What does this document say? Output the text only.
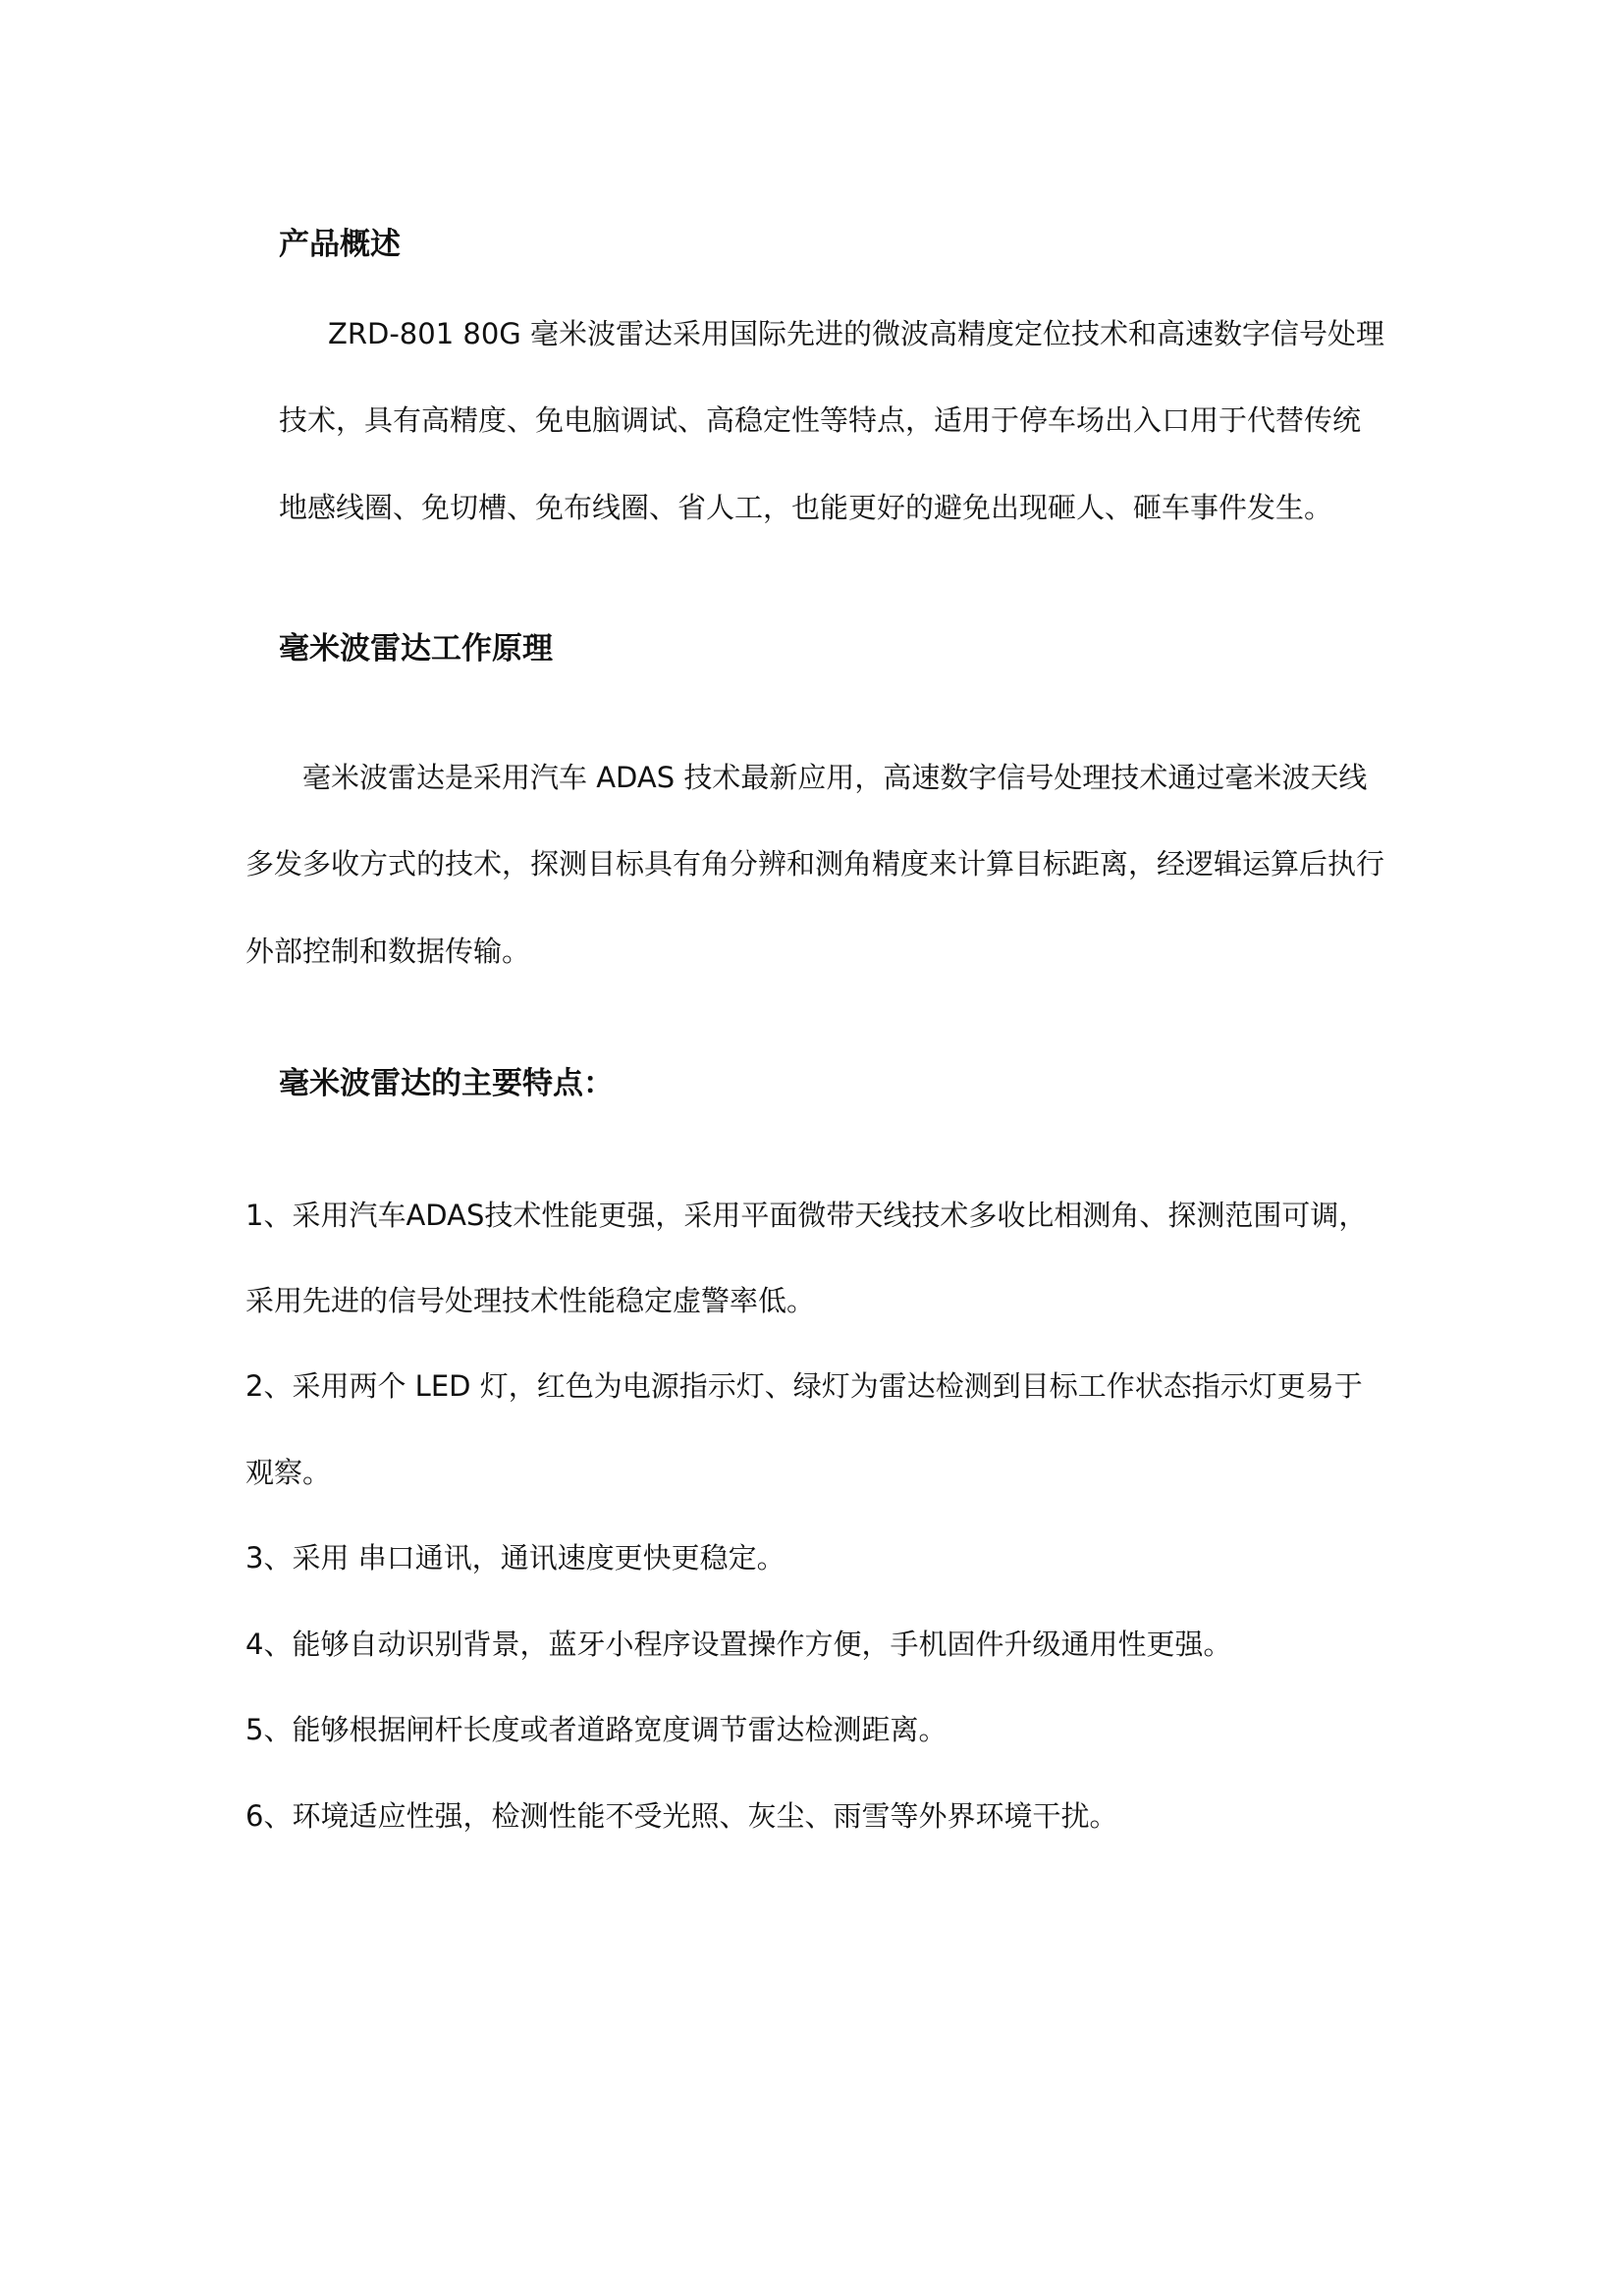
产品概述
ZRD-801 80G 毫米波雷达采用国际先进的微波高精度定位技术和高速数字信号处理
技术，具有高精度、免电脑调试、高稳定性等特点，适用于停车场出入口用于代替传统
地感线圈、免切槽、免布线圈、省人工，也能更好的避免出现砸人、砸车事件发生。
毫米波雷达工作原理
毫米波雷达是采用汽车 ADAS 技术最新应用，高速数字信号处理技术通过毫米波天线
多发多收方式的技术，探测目标具有角分辨和测角精度来计算目标距离，经逻辑运算后执行
外部控制和数据传输。
毫米波雷达的主要特点：
1、采用汽车ADAS技术性能更强，采用平面微带天线技术多收比相测角、探测范围可调，
采用先进的信号处理技术性能稳定虚警率低。
2、采用两个 LED 灯，红色为电源指示灯、绿灯为雷达检测到目标工作状态指示灯更易于
观察。
3、采用 串口通讯，通讯速度更快更稳定。
4、能够自动识别背景，蓝牙小程序设置操作方便，手机固件升级通用性更强。
5、能够根据闸杆长度或者道路宽度调节雷达检测距离。
6、环境适应性强，检测性能不受光照、灰尘、雨雪等外界环境干扰。
